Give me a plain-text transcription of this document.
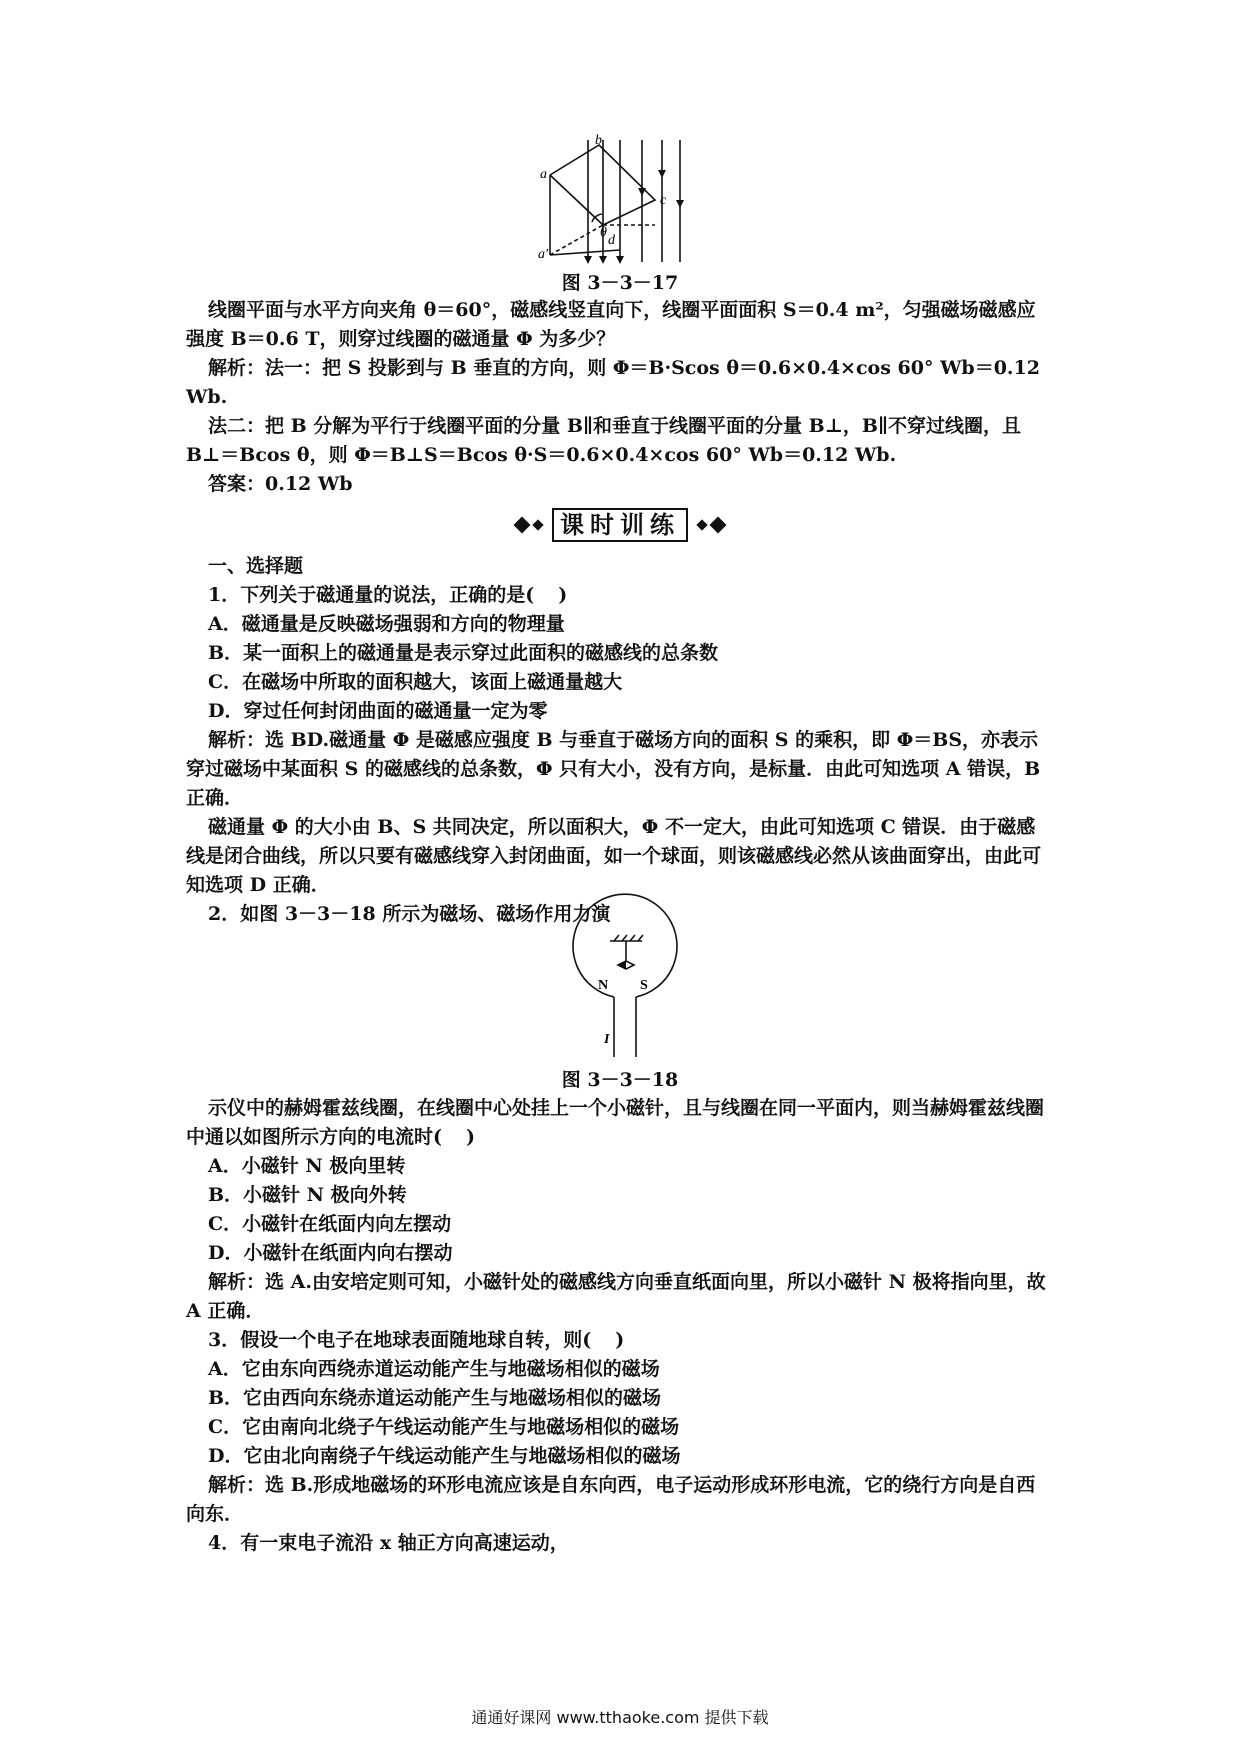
a
b
c
d
a′
θ
图 3－3－17

线圈平面与水平方向夹角 θ＝60°，磁感线竖直向下，线圈平面面积 S＝0.4 m²，匀强磁场磁感应强度 B＝0.6 T，则穿过线圈的磁通量 Φ 为多少？

解析：法一：把 S 投影到与 B 垂直的方向，则 Φ＝B·Scos θ＝0.6×0.4×cos 60° Wb＝0.12 Wb.

法二：把 B 分解为平行于线圈平面的分量 B∥和垂直于线圈平面的分量 B⊥，B∥不穿过线圈，且 B⊥＝Bcos θ，则 Φ＝B⊥S＝Bcos θ·S＝0.6×0.4×cos 60° Wb＝0.12 Wb.

答案：0.12 Wb

课时训练

一、选择题

1．下列关于磁通量的说法，正确的是( )

A．磁通量是反映磁场强弱和方向的物理量

B．某一面积上的磁通量是表示穿过此面积的磁感线的总条数

C．在磁场中所取的面积越大，该面上磁通量越大

D．穿过任何封闭曲面的磁通量一定为零

解析：选 BD.磁通量 Φ 是磁感应强度 B 与垂直于磁场方向的面积 S 的乘积，即 Φ＝BS，亦表示穿过磁场中某面积 S 的磁感线的总条数，Φ 只有大小，没有方向，是标量．由此可知选项 A 错误，B 正确．

磁通量 Φ 的大小由 B、S 共同决定，所以面积大，Φ 不一定大，由此可知选项 C 错误．由于磁感线是闭合曲线，所以只要有磁感线穿入封闭曲面，如一个球面，则该磁感线必然从该曲面穿出，由此可知选项 D 正确．

2．如图 3－3－18 所示为磁场、磁场作用力演

N S
I
图 3－3－18

示仪中的赫姆霍兹线圈，在线圈中心处挂上一个小磁针，且与线圈在同一平面内，则当赫姆霍兹线圈中通以如图所示方向的电流时( )

A．小磁针 N 极向里转

B．小磁针 N 极向外转

C．小磁针在纸面内向左摆动

D．小磁针在纸面内向右摆动

解析：选 A.由安培定则可知，小磁针处的磁感线方向垂直纸面向里，所以小磁针 N 极将指向里，故 A 正确．

3．假设一个电子在地球表面随地球自转，则( )

A．它由东向西绕赤道运动能产生与地磁场相似的磁场

B．它由西向东绕赤道运动能产生与地磁场相似的磁场

C．它由南向北绕子午线运动能产生与地磁场相似的磁场

D．它由北向南绕子午线运动能产生与地磁场相似的磁场

解析：选 B.形成地磁场的环形电流应该是自东向西，电子运动形成环形电流，它的绕行方向是自西向东．

4．有一束电子流沿 x 轴正方向高速运动，

通通好课网 www.tthaoke.com 提供下载
